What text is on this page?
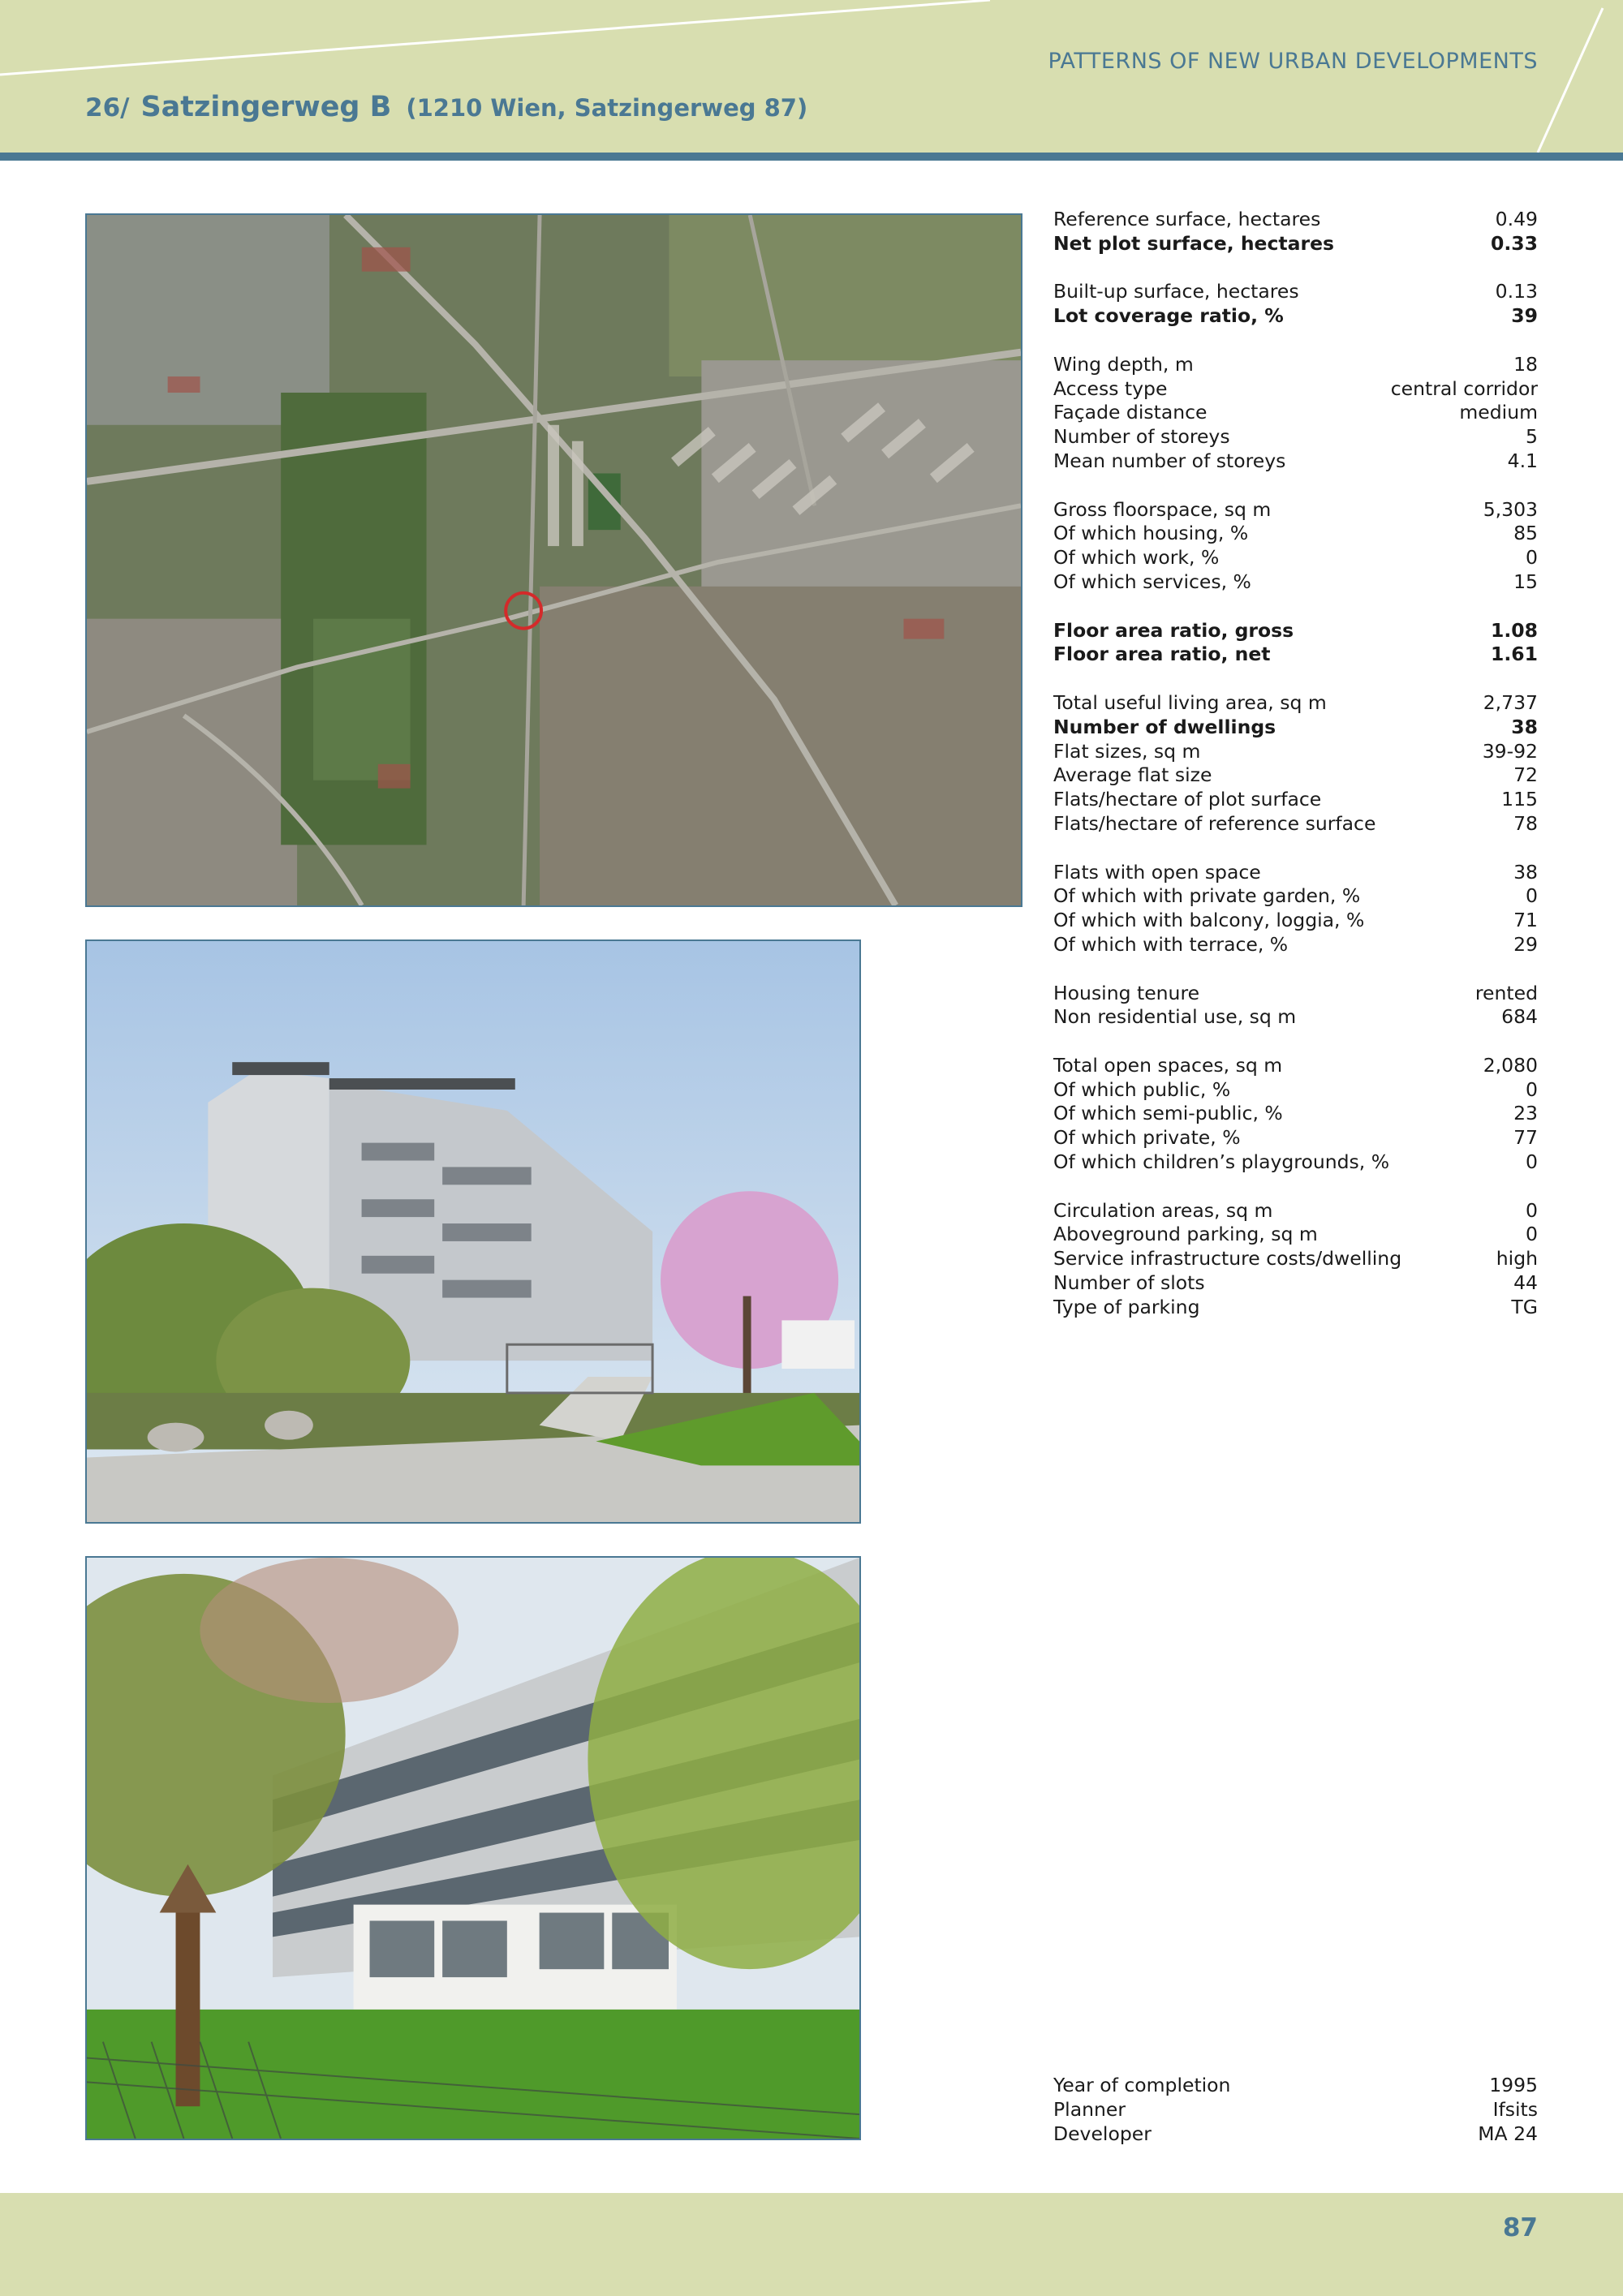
PATTERNS OF NEW URBAN DEVELOPMENTS
26/ Satzingerweg B (1210 Wien, Satzingerweg 87)
Reference surface, hectares	0.49
Net plot surface, hectares	0.33
Built-up surface, hectares	0.13
Lot coverage ratio, %	39
Wing depth, m	18
Access type	central corridor
Façade distance	medium
Number of storeys	5
Mean number of storeys	4.1
Gross floorspace, sq m	5,303
Of which housing, %	85
Of which work, %	0
Of which services, %	15
Floor area ratio, gross	1.08
Floor area ratio, net	1.61
Total useful living area, sq m	2,737
Number of dwellings	38
Flat sizes, sq m	39-92
Average flat size	72
Flats/hectare of plot surface	115
Flats/hectare of reference surface	78
Flats with open space	38
Of which with private garden, %	0
Of which with balcony, loggia, %	71
Of which with terrace, %	29
Housing tenure	rented
Non residential use, sq m	684
Total open spaces, sq m	2,080
Of which public, %	0
Of which semi-public, %	23
Of which private, %	77
Of which children’s playgrounds, %	0
Circulation areas, sq m	0
Aboveground parking, sq m	0
Service infrastructure costs/dwelling	high
Number of slots	44
Type of parking	TG
Year of completion	1995
Planner	Ifsits
Developer	MA 24
87
